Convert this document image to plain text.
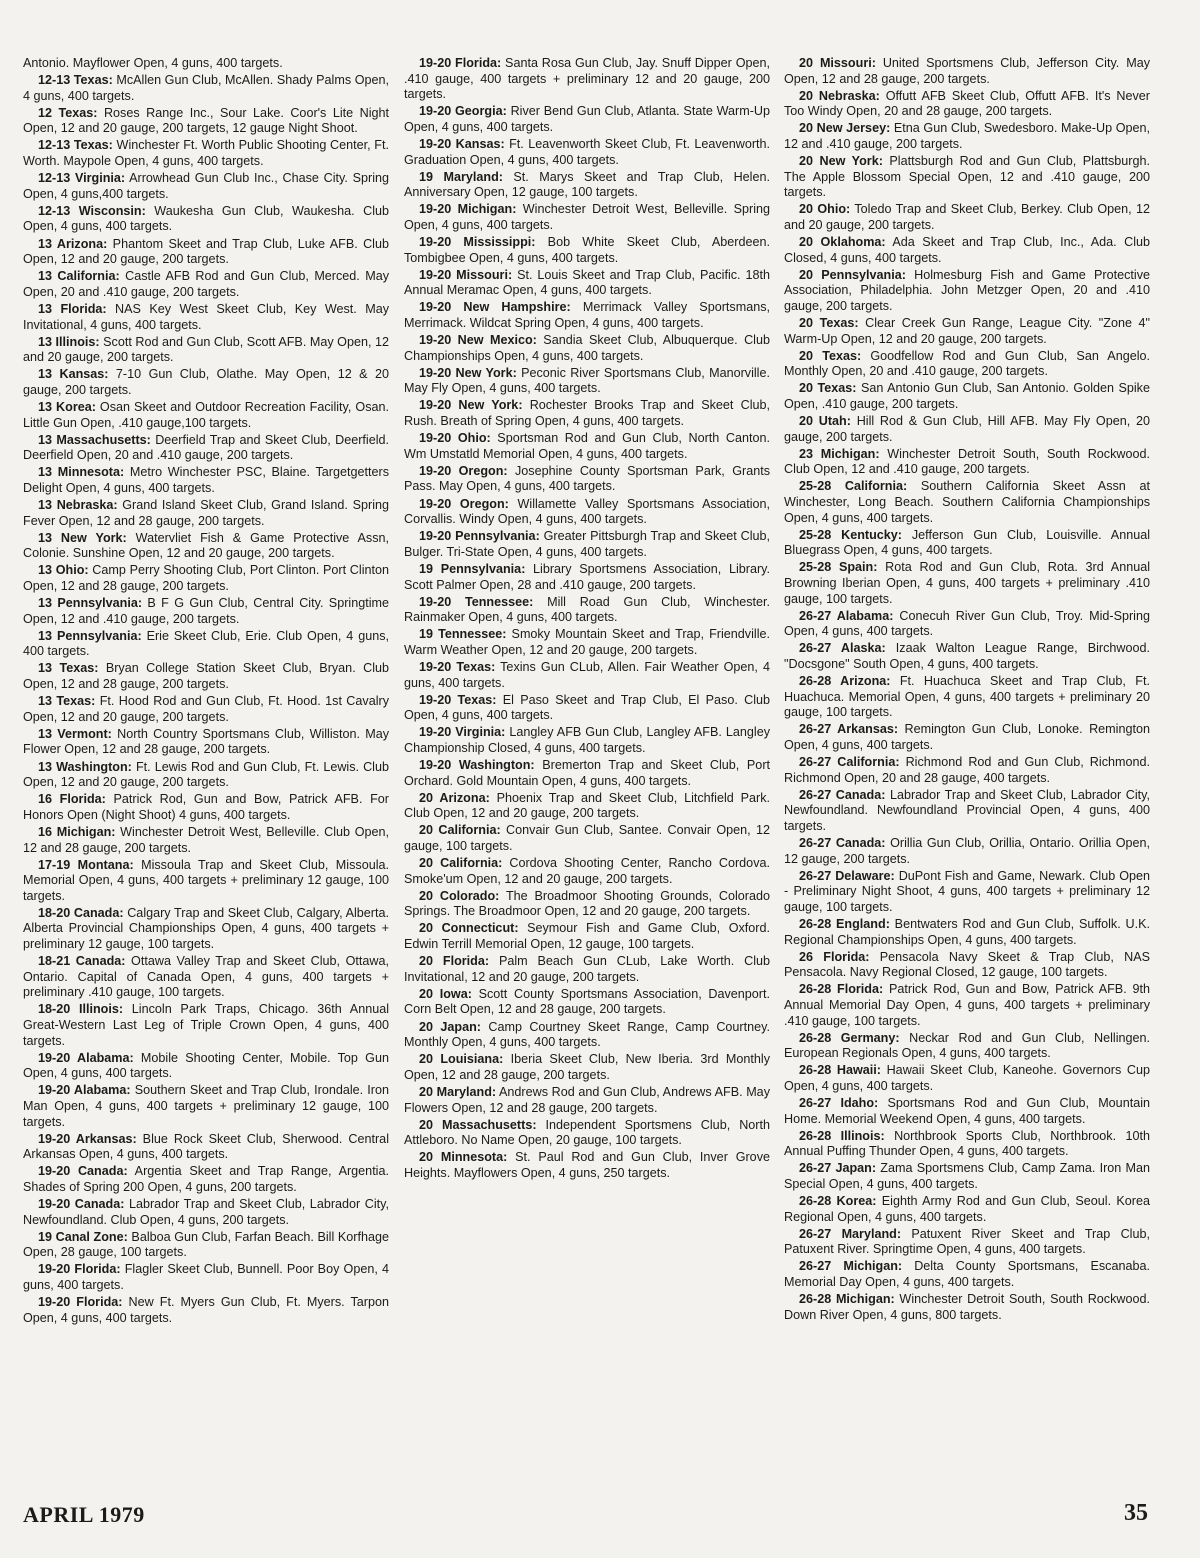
Antonio. Mayflower Open, 4 guns, 400 targets.

12-13 Texas: McAllen Gun Club, McAllen. Shady Palms Open, 4 guns, 400 targets.

12 Texas: Roses Range Inc., Sour Lake. Coor's Lite Night Open, 12 and 20 gauge, 200 targets, 12 gauge Night Shoot.

12-13 Texas: Winchester Ft. Worth Public Shooting Center, Ft. Worth. Maypole Open, 4 guns, 400 targets.

12-13 Virginia: Arrowhead Gun Club Inc., Chase City. Spring Open, 4 guns,400 targets.

12-13 Wisconsin: Waukesha Gun Club, Waukesha. Club Open, 4 guns, 400 targets.

13 Arizona: Phantom Skeet and Trap Club, Luke AFB. Club Open, 12 and 20 gauge, 200 targets.

13 California: Castle AFB Rod and Gun Club, Merced. May Open, 20 and .410 gauge, 200 targets.

13 Florida: NAS Key West Skeet Club, Key West. May Invitational, 4 guns, 400 targets.

13 Illinois: Scott Rod and Gun Club, Scott AFB. May Open, 12 and 20 gauge, 200 targets.

13 Kansas: 7-10 Gun Club, Olathe. May Open, 12 & 20 gauge, 200 targets.

13 Korea: Osan Skeet and Outdoor Recreation Facility, Osan. Little Gun Open, .410 gauge,100 targets.

13 Massachusetts: Deerfield Trap and Skeet Club, Deerfield. Deerfield Open, 20 and .410 gauge, 200 targets.

13 Minnesota: Metro Winchester PSC, Blaine. Targetgetters Delight Open, 4 guns, 400 targets.

13 Nebraska: Grand Island Skeet Club, Grand Island. Spring Fever Open, 12 and 28 gauge, 200 targets.

13 New York: Watervliet Fish & Game Protective Assn, Colonie. Sunshine Open, 12 and 20 gauge, 200 targets.

13 Ohio: Camp Perry Shooting Club, Port Clinton. Port Clinton Open, 12 and 28 gauge, 200 targets.

13 Pennsylvania: B F G Gun Club, Central City. Springtime Open, 12 and .410 gauge, 200 targets.

13 Pennsylvania: Erie Skeet Club, Erie. Club Open, 4 guns, 400 targets.

13 Texas: Bryan College Station Skeet Club, Bryan. Club Open, 12 and 28 gauge, 200 targets.

13 Texas: Ft. Hood Rod and Gun Club, Ft. Hood. 1st Cavalry Open, 12 and 20 gauge, 200 targets.

13 Vermont: North Country Sportsmans Club, Williston. May Flower Open, 12 and 28 gauge, 200 targets.

13 Washington: Ft. Lewis Rod and Gun Club, Ft. Lewis. Club Open, 12 and 20 gauge, 200 targets.

16 Florida: Patrick Rod, Gun and Bow, Patrick AFB. For Honors Open (Night Shoot) 4 guns, 400 targets.

16 Michigan: Winchester Detroit West, Belleville. Club Open, 12 and 28 gauge, 200 targets.

17-19 Montana: Missoula Trap and Skeet Club, Missoula. Memorial Open, 4 guns, 400 targets + preliminary 12 gauge, 100 targets.

18-20 Canada: Calgary Trap and Skeet Club, Calgary, Alberta. Alberta Provincial Championships Open, 4 guns, 400 targets + preliminary 12 gauge, 100 targets.

18-21 Canada: Ottawa Valley Trap and Skeet Club, Ottawa, Ontario. Capital of Canada Open, 4 guns, 400 targets + preliminary .410 gauge, 100 targets.

18-20 Illinois: Lincoln Park Traps, Chicago. 36th Annual Great-Western Last Leg of Triple Crown Open, 4 guns, 400 targets.

19-20 Alabama: Mobile Shooting Center, Mobile. Top Gun Open, 4 guns, 400 targets.

19-20 Alabama: Southern Skeet and Trap Club, Irondale. Iron Man Open, 4 guns, 400 targets + preliminary 12 gauge, 100 targets.

19-20 Arkansas: Blue Rock Skeet Club, Sherwood. Central Arkansas Open, 4 guns, 400 targets.

19-20 Canada: Argentia Skeet and Trap Range, Argentia. Shades of Spring 200 Open, 4 guns, 200 targets.

19-20 Canada: Labrador Trap and Skeet Club, Labrador City, Newfoundland. Club Open, 4 guns, 200 targets.

19 Canal Zone: Balboa Gun Club, Farfan Beach. Bill Korfhage Open, 28 gauge, 100 targets.

19-20 Florida: Flagler Skeet Club, Bunnell. Poor Boy Open, 4 guns, 400 targets.

19-20 Florida: New Ft. Myers Gun Club, Ft. Myers. Tarpon Open, 4 guns, 400 targets.

19-20 Florida: Santa Rosa Gun Club, Jay. Snuff Dipper Open, .410 gauge, 400 targets + preliminary 12 and 20 gauge, 200 targets.

19-20 Georgia: River Bend Gun Club, Atlanta. State Warm-Up Open, 4 guns, 400 targets.

19-20 Kansas: Ft. Leavenworth Skeet Club, Ft. Leavenworth. Graduation Open, 4 guns, 400 targets.

19 Maryland: St. Marys Skeet and Trap Club, Helen. Anniversary Open, 12 gauge, 100 targets.

19-20 Michigan: Winchester Detroit West, Belleville. Spring Open, 4 guns, 400 targets.

19-20 Mississippi: Bob White Skeet Club, Aberdeen. Tombigbee Open, 4 guns, 400 targets.

19-20 Missouri: St. Louis Skeet and Trap Club, Pacific. 18th Annual Meramac Open, 4 guns, 400 targets.

19-20 New Hampshire: Merrimack Valley Sportsmans, Merrimack. Wildcat Spring Open, 4 guns, 400 targets.

19-20 New Mexico: Sandia Skeet Club, Albuquerque. Club Championships Open, 4 guns, 400 targets.

19-20 New York: Peconic River Sportsmans Club, Manorville. May Fly Open, 4 guns, 400 targets.

19-20 New York: Rochester Brooks Trap and Skeet Club, Rush. Breath of Spring Open, 4 guns, 400 targets.

19-20 Ohio: Sportsman Rod and Gun Club, North Canton. Wm Umstatld Memorial Open, 4 guns, 400 targets.

19-20 Oregon: Josephine County Sportsman Park, Grants Pass. May Open, 4 guns, 400 targets.

19-20 Oregon: Willamette Valley Sportsmans Association, Corvallis. Windy Open, 4 guns, 400 targets.

19-20 Pennsylvania: Greater Pittsburgh Trap and Skeet Club, Bulger. Tri-State Open, 4 guns, 400 targets.

19 Pennsylvania: Library Sportsmens Association, Library. Scott Palmer Open, 28 and .410 gauge, 200 targets.

19-20 Tennessee: Mill Road Gun Club, Winchester. Rainmaker Open, 4 guns, 400 targets.

19 Tennessee: Smoky Mountain Skeet and Trap, Friendville. Warm Weather Open, 12 and 20 gauge, 200 targets.

19-20 Texas: Texins Gun CLub, Allen. Fair Weather Open, 4 guns, 400 targets.

19-20 Texas: El Paso Skeet and Trap Club, El Paso. Club Open, 4 guns, 400 targets.

19-20 Virginia: Langley AFB Gun Club, Langley AFB. Langley Championship Closed, 4 guns, 400 targets.

19-20 Washington: Bremerton Trap and Skeet Club, Port Orchard. Gold Mountain Open, 4 guns, 400 targets.

20 Arizona: Phoenix Trap and Skeet Club, Litchfield Park. Club Open, 12 and 20 gauge, 200 targets.

20 California: Convair Gun Club, Santee. Convair Open, 12 gauge, 100 targets.

20 California: Cordova Shooting Center, Rancho Cordova. Smoke'um Open, 12 and 20 gauge, 200 targets.

20 Colorado: The Broadmoor Shooting Grounds, Colorado Springs. The Broadmoor Open, 12 and 20 gauge, 200 targets.

20 Connecticut: Seymour Fish and Game Club, Oxford. Edwin Terrill Memorial Open, 12 gauge, 100 targets.

20 Florida: Palm Beach Gun CLub, Lake Worth. Club Invitational, 12 and 20 gauge, 200 targets.

20 Iowa: Scott County Sportsmans Association, Davenport. Corn Belt Open, 12 and 28 gauge, 200 targets.

20 Japan: Camp Courtney Skeet Range, Camp Courtney. Monthly Open, 4 guns, 400 targets.

20 Louisiana: Iberia Skeet Club, New Iberia. 3rd Monthly Open, 12 and 28 gauge, 200 targets.

20 Maryland: Andrews Rod and Gun Club, Andrews AFB. May Flowers Open, 12 and 28 gauge, 200 targets.

20 Massachusetts: Independent Sportsmens Club, North Attleboro. No Name Open, 20 gauge, 100 targets.

20 Minnesota: St. Paul Rod and Gun Club, Inver Grove Heights. Mayflowers Open, 4 guns, 250 targets.

20 Missouri: United Sportsmens Club, Jefferson City. May Open, 12 and 28 gauge, 200 targets.

20 Nebraska: Offutt AFB Skeet Club, Offutt AFB. It's Never Too Windy Open, 20 and 28 gauge, 200 targets.

20 New Jersey: Etna Gun Club, Swedesboro. Make-Up Open, 12 and .410 gauge, 200 targets.

20 New York: Plattsburgh Rod and Gun Club, Plattsburgh. The Apple Blossom Special Open, 12 and .410 gauge, 200 targets.

20 Ohio: Toledo Trap and Skeet Club, Berkey. Club Open, 12 and 20 gauge, 200 targets.

20 Oklahoma: Ada Skeet and Trap Club, Inc., Ada. Club Closed, 4 guns, 400 targets.

20 Pennsylvania: Holmesburg Fish and Game Protective Association, Philadelphia. John Metzger Open, 20 and .410 gauge, 200 targets.

20 Texas: Clear Creek Gun Range, League City. "Zone 4" Warm-Up Open, 12 and 20 gauge, 200 targets.

20 Texas: Goodfellow Rod and Gun Club, San Angelo. Monthly Open, 20 and .410 gauge, 200 targets.

20 Texas: San Antonio Gun Club, San Antonio. Golden Spike Open, .410 gauge, 200 targets.

20 Utah: Hill Rod & Gun Club, Hill AFB. May Fly Open, 20 gauge, 200 targets.

23 Michigan: Winchester Detroit South, South Rockwood. Club Open, 12 and .410 gauge, 200 targets.

25-28 California: Southern California Skeet Assn at Winchester, Long Beach. Southern California Championships Open, 4 guns, 400 targets.

25-28 Kentucky: Jefferson Gun Club, Louisville. Annual Bluegrass Open, 4 guns, 400 targets.

25-28 Spain: Rota Rod and Gun Club, Rota. 3rd Annual Browning Iberian Open, 4 guns, 400 targets + preliminary .410 gauge, 100 targets.

26-27 Alabama: Conecuh River Gun Club, Troy. Mid-Spring Open, 4 guns, 400 targets.

26-27 Alaska: Izaak Walton League Range, Birchwood. "Docsgone" South Open, 4 guns, 400 targets.

26-28 Arizona: Ft. Huachuca Skeet and Trap Club, Ft. Huachuca. Memorial Open, 4 guns, 400 targets + preliminary 20 gauge, 100 targets.

26-27 Arkansas: Remington Gun Club, Lonoke. Remington Open, 4 guns, 400 targets.

26-27 California: Richmond Rod and Gun Club, Richmond. Richmond Open, 20 and 28 gauge, 400 targets.

26-27 Canada: Labrador Trap and Skeet Club, Labrador City, Newfoundland. Newfoundland Provincial Open, 4 guns, 400 targets.

26-27 Canada: Orillia Gun Club, Orillia, Ontario. Orillia Open, 12 gauge, 200 targets.

26-27 Delaware: DuPont Fish and Game, Newark. Club Open - Preliminary Night Shoot, 4 guns, 400 targets + preliminary 12 gauge, 100 targets.

26-28 England: Bentwaters Rod and Gun Club, Suffolk. U.K. Regional Championships Open, 4 guns, 400 targets.

26 Florida: Pensacola Navy Skeet & Trap Club, NAS Pensacola. Navy Regional Closed, 12 gauge, 100 targets.

26-28 Florida: Patrick Rod, Gun and Bow, Patrick AFB. 9th Annual Memorial Day Open, 4 guns, 400 targets + preliminary .410 gauge, 100 targets.

26-28 Germany: Neckar Rod and Gun Club, Nellingen. European Regionals Open, 4 guns, 400 targets.

26-28 Hawaii: Hawaii Skeet Club, Kaneohe. Governors Cup Open, 4 guns, 400 targets.

26-27 Idaho: Sportsmans Rod and Gun Club, Mountain Home. Memorial Weekend Open, 4 guns, 400 targets.

26-28 Illinois: Northbrook Sports Club, Northbrook. 10th Annual Puffing Thunder Open, 4 guns, 400 targets.

26-27 Japan: Zama Sportsmens Club, Camp Zama. Iron Man Special Open, 4 guns, 400 targets.

26-28 Korea: Eighth Army Rod and Gun Club, Seoul. Korea Regional Open, 4 guns, 400 targets.

26-27 Maryland: Patuxent River Skeet and Trap Club, Patuxent River. Springtime Open, 4 guns, 400 targets.

26-27 Michigan: Delta County Sportsmans, Escanaba. Memorial Day Open, 4 guns, 400 targets.

26-28 Michigan: Winchester Detroit South, South Rockwood. Down River Open, 4 guns, 800 targets.

APRIL 1979	35
